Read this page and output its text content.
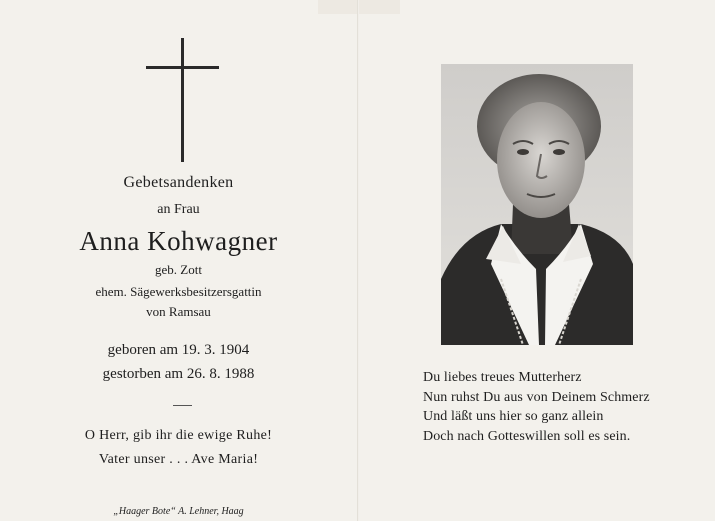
Gebetsandenken
an Frau
Anna Kohwagner
geb. Zott
ehem. Sägewerksbesitzersgattin
von Ramsau
geboren am 19. 3. 1904
gestorben am 26. 8. 1988
O Herr, gib ihr die ewige Ruhe!
Vater unser . . . Ave Maria!
„Haager Bote“ A. Lehner, Haag
Du liebes treues Mutterherz
Nun ruhst Du aus von Deinem Schmerz
Und läßt uns hier so ganz allein
Doch nach Gotteswillen soll es sein.
